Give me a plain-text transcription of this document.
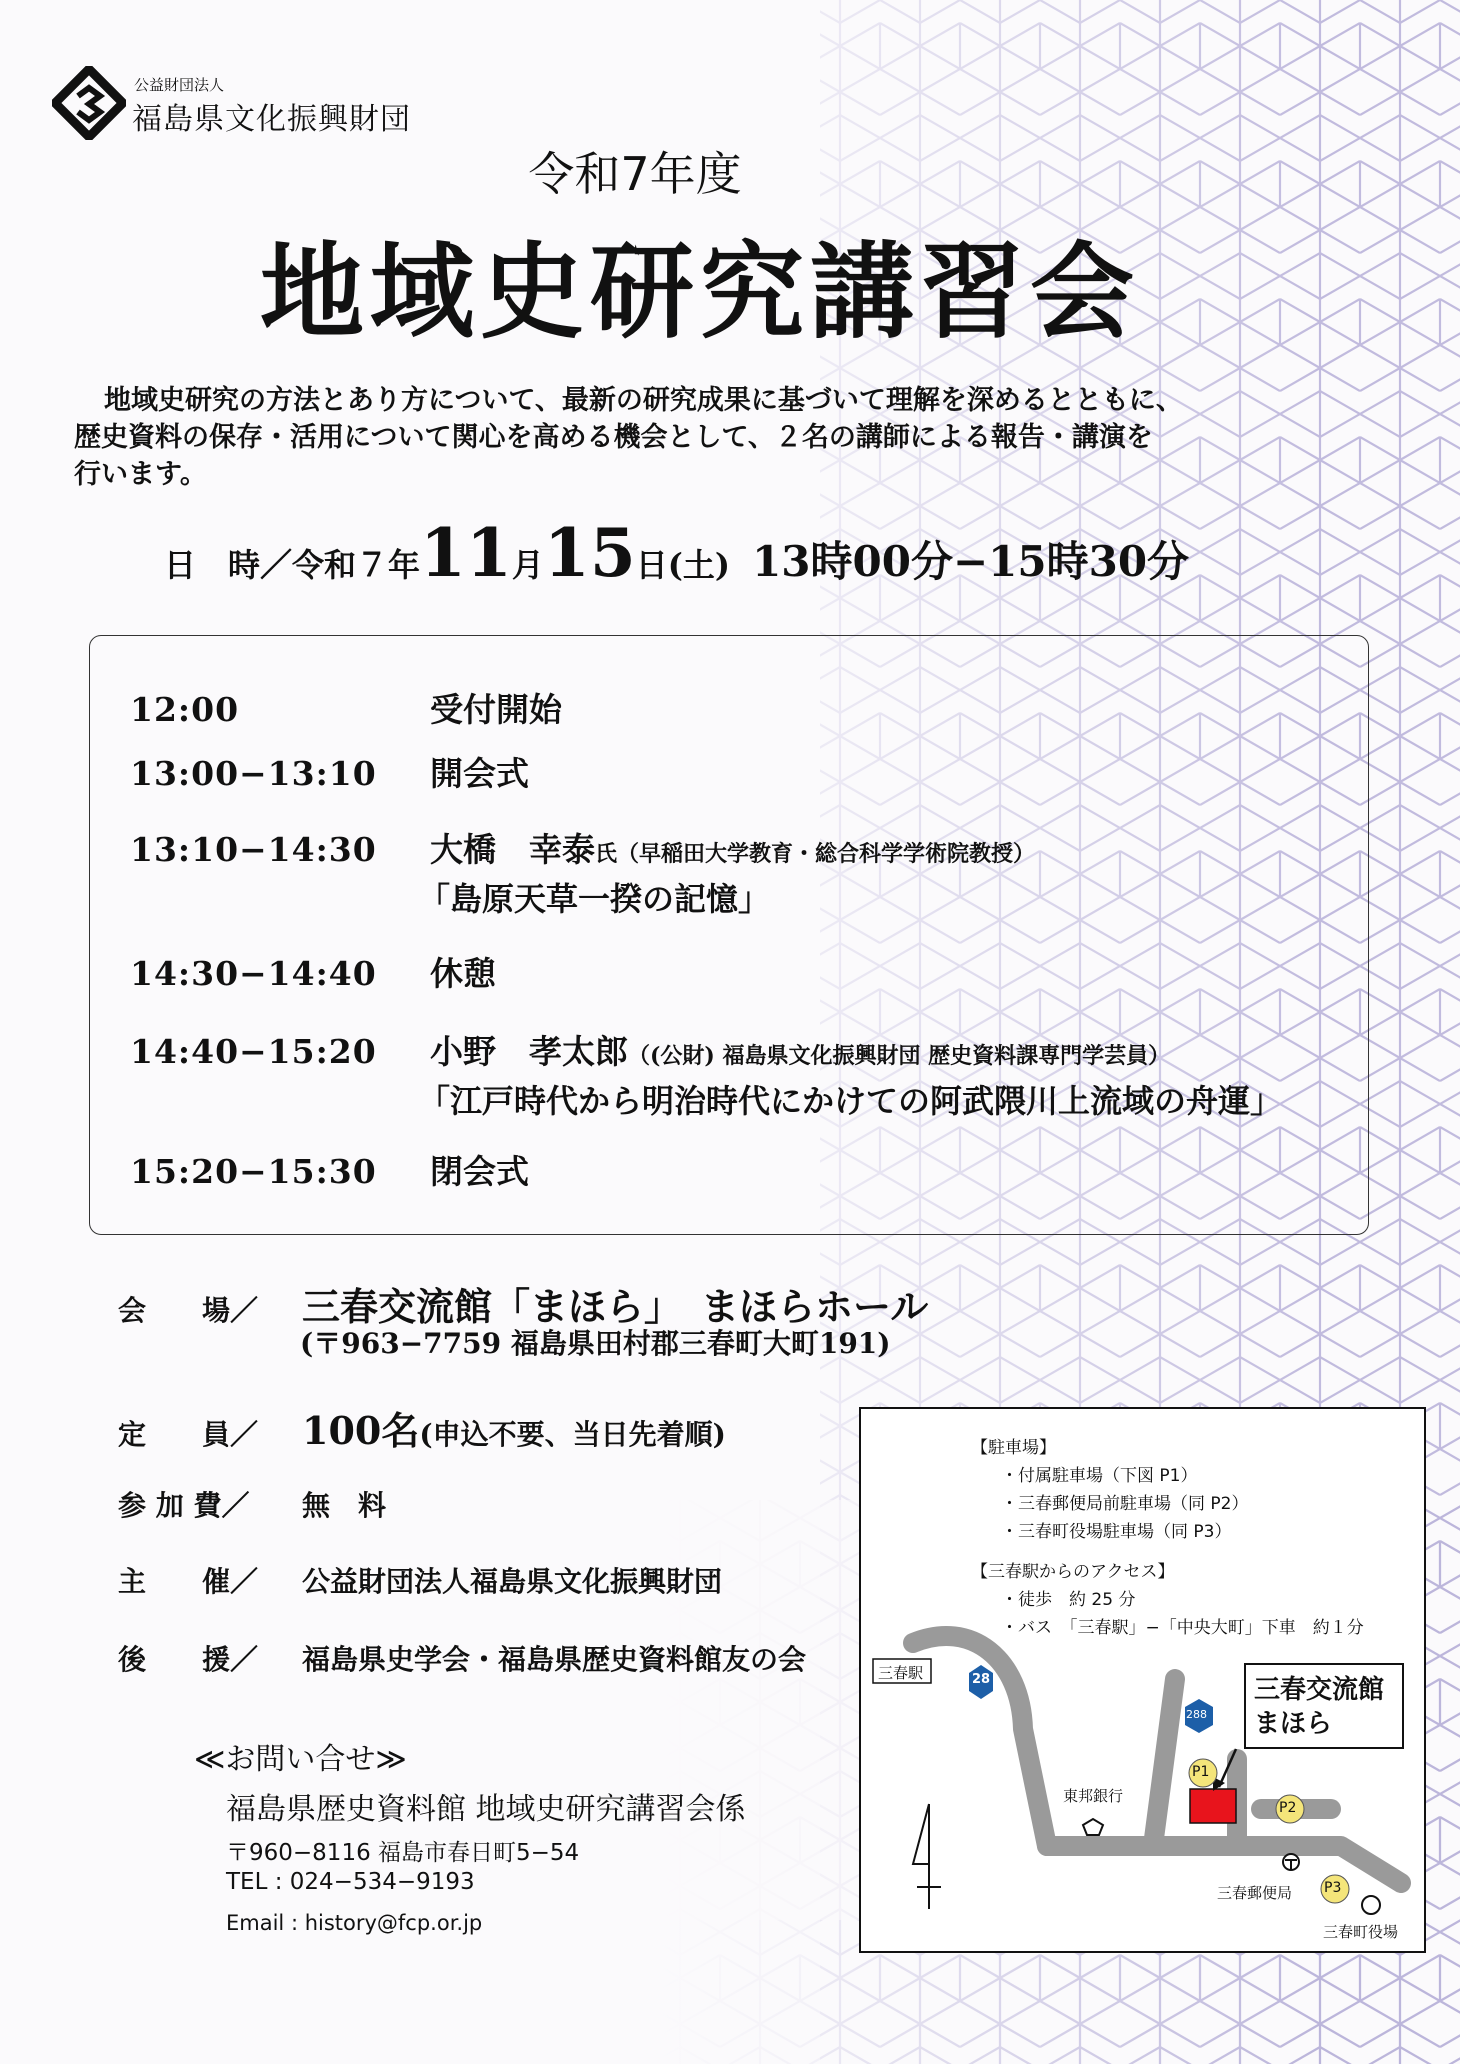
公益財団法人
福島県文化振興財団
令和7年度
地域史研究講習会

地域史研究の方法とあり方について、最新の研究成果に基づいて理解を深めるとともに、

歴史資料の保存・活用について関心を高める機会として、２名の講師による報告・講演を

行います。

日　時／令和７年11月15日(土) 13時00分−15時30分
12:00	受付開始
13:00−13:10 開会式
13:10−14:30 大橋　幸泰氏（早稲田大学教育・総合科学学術院教授）
「島原天草一揆の記憶」
14:30−14:40 休憩
14:40−15:20 小野　孝太郎（(公財) 福島県文化振興財団 歴史資料課専門学芸員）
「江戸時代から明治時代にかけての阿武隈川上流域の舟運」
15:20−15:30 閉会式
会　　場／ 三春交流館「まほら」　まほらホール
(〒963−7759 福島県田村郡三春町大町191)
定　　員／ 100名(申込不要、当日先着順)
参 加 費／ 無　料
主　　催／ 公益財団法人福島県文化振興財団
後　　援／ 福島県史学会・福島県歴史資料館友の会
≪お問い合せ≫
福島県歴史資料館 地域史研究講習会係
〒960−8116 福島市春日町5−54
TEL : 024−534−9193
Email : history@fcp.or.jp
【駐車場】
・付属駐車場（下図 P1）
・三春郵便局前駐車場（同 P2）
・三春町役場駐車場（同 P3）
【三春駅からのアクセス】
・徒歩　約 25 分
・バス　「三春駅」−「中央大町」下車　約１分
三春駅	28
288
東邦銀行
三春郵便局
三春町役場
P1
P2
P3
三春交流館
まほら
